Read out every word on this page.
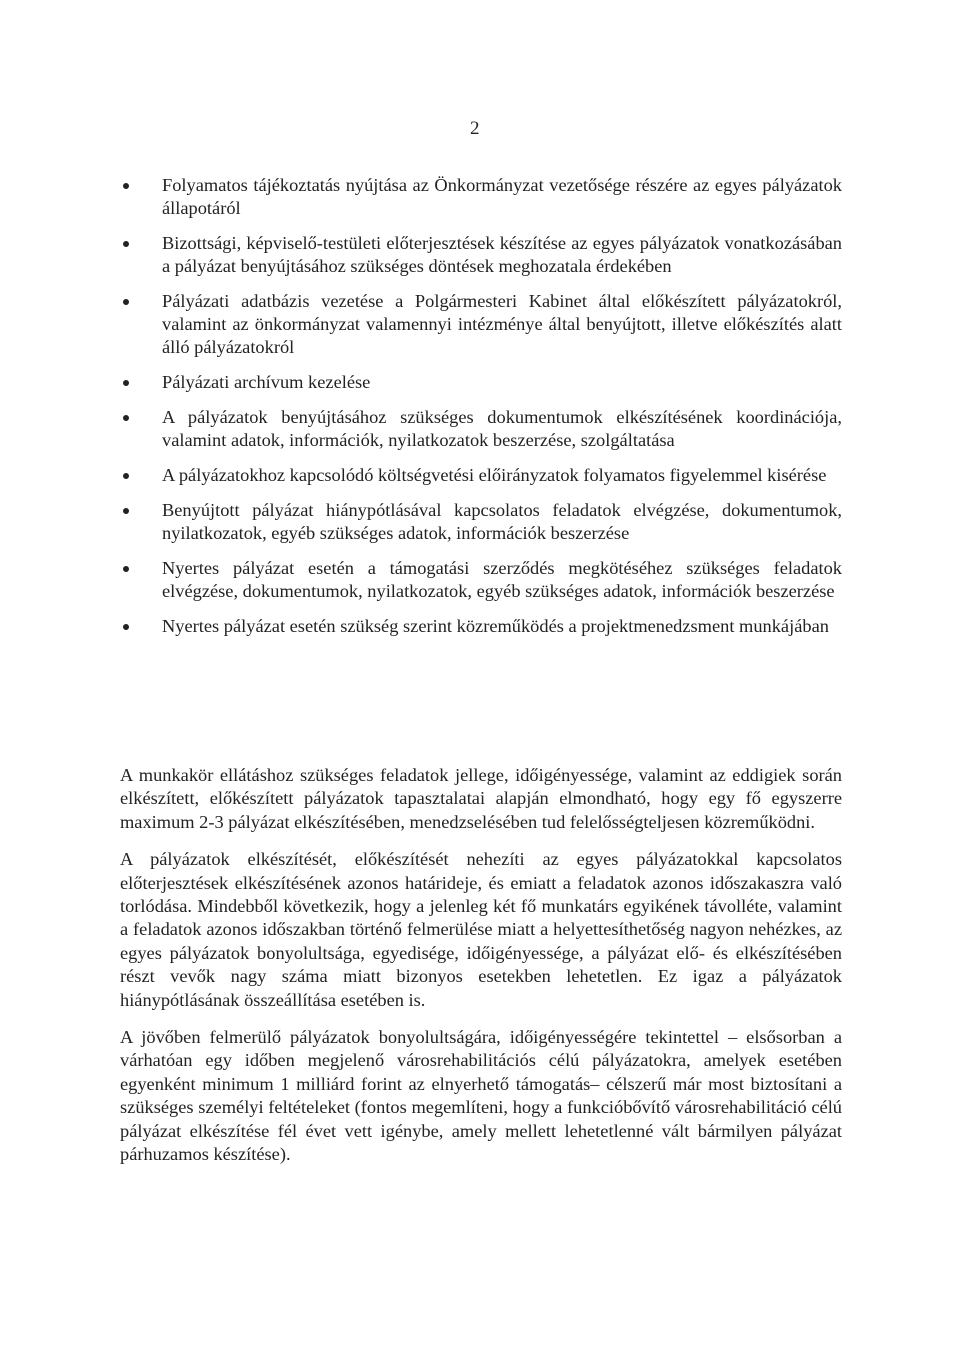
2
Folyamatos tájékoztatás nyújtása az Önkormányzat vezetősége részére az egyes pályázatok állapotáról
Bizottsági, képviselő-testületi előterjesztések készítése az egyes pályázatok vonatkozásában a pályázat benyújtásához szükséges döntések meghozatala érdekében
Pályázati adatbázis vezetése a Polgármesteri Kabinet által előkészített pályázatokról, valamint az önkormányzat valamennyi intézménye által benyújtott, illetve előkészítés alatt álló pályázatokról
Pályázati archívum kezelése
A pályázatok benyújtásához szükséges dokumentumok elkészítésének koordinációja, valamint adatok, információk, nyilatkozatok beszerzése, szolgáltatása
A pályázatokhoz kapcsolódó költségvetési előirányzatok folyamatos figyelemmel kisérése
Benyújtott pályázat hiánypótlásával kapcsolatos feladatok elvégzése, dokumentumok, nyilatkozatok, egyéb szükséges adatok, információk beszerzése
Nyertes pályázat esetén a támogatási szerződés megkötéséhez szükséges feladatok elvégzése, dokumentumok, nyilatkozatok, egyéb szükséges adatok, információk beszerzése
Nyertes pályázat esetén szükség szerint közreműködés a projektmenedzsment munkájában

A munkakör ellátáshoz szükséges feladatok jellege, időigényessége, valamint az eddigiek során elkészített, előkészített pályázatok tapasztalatai alapján elmondható, hogy egy fő egyszerre maximum 2-3 pályázat elkészítésében, menedzselésében tud felelősségteljesen közreműködni.

A pályázatok elkészítését, előkészítését nehezíti az egyes pályázatokkal kapcsolatos előterjesztések elkészítésének azonos határideje, és emiatt a feladatok azonos időszakaszra való torlódása. Mindebből következik, hogy a jelenleg két fő munkatárs egyikének távolléte, valamint a feladatok azonos időszakban történő felmerülése miatt a helyettesíthetőség nagyon nehézkes, az egyes pályázatok bonyolultsága, egyedisége, időigényessége, a pályázat elő- és elkészítésében részt vevők nagy száma miatt bizonyos esetekben lehetetlen. Ez igaz a pályázatok hiánypótlásának összeállítása esetében is.

A jövőben felmerülő pályázatok bonyolultságára, időigényességére tekintettel – elsősorban a várhatóan egy időben megjelenő városrehabilitációs célú pályázatokra, amelyek esetében egyenként minimum 1 milliárd forint az elnyerhető támogatás– célszerű már most biztosítani a szükséges személyi feltételeket (fontos megemlíteni, hogy a funkcióbővítő városrehabilitáció célú pályázat elkészítése fél évet vett igénybe, amely mellett lehetetlenné vált bármilyen pályázat párhuzamos készítése).
